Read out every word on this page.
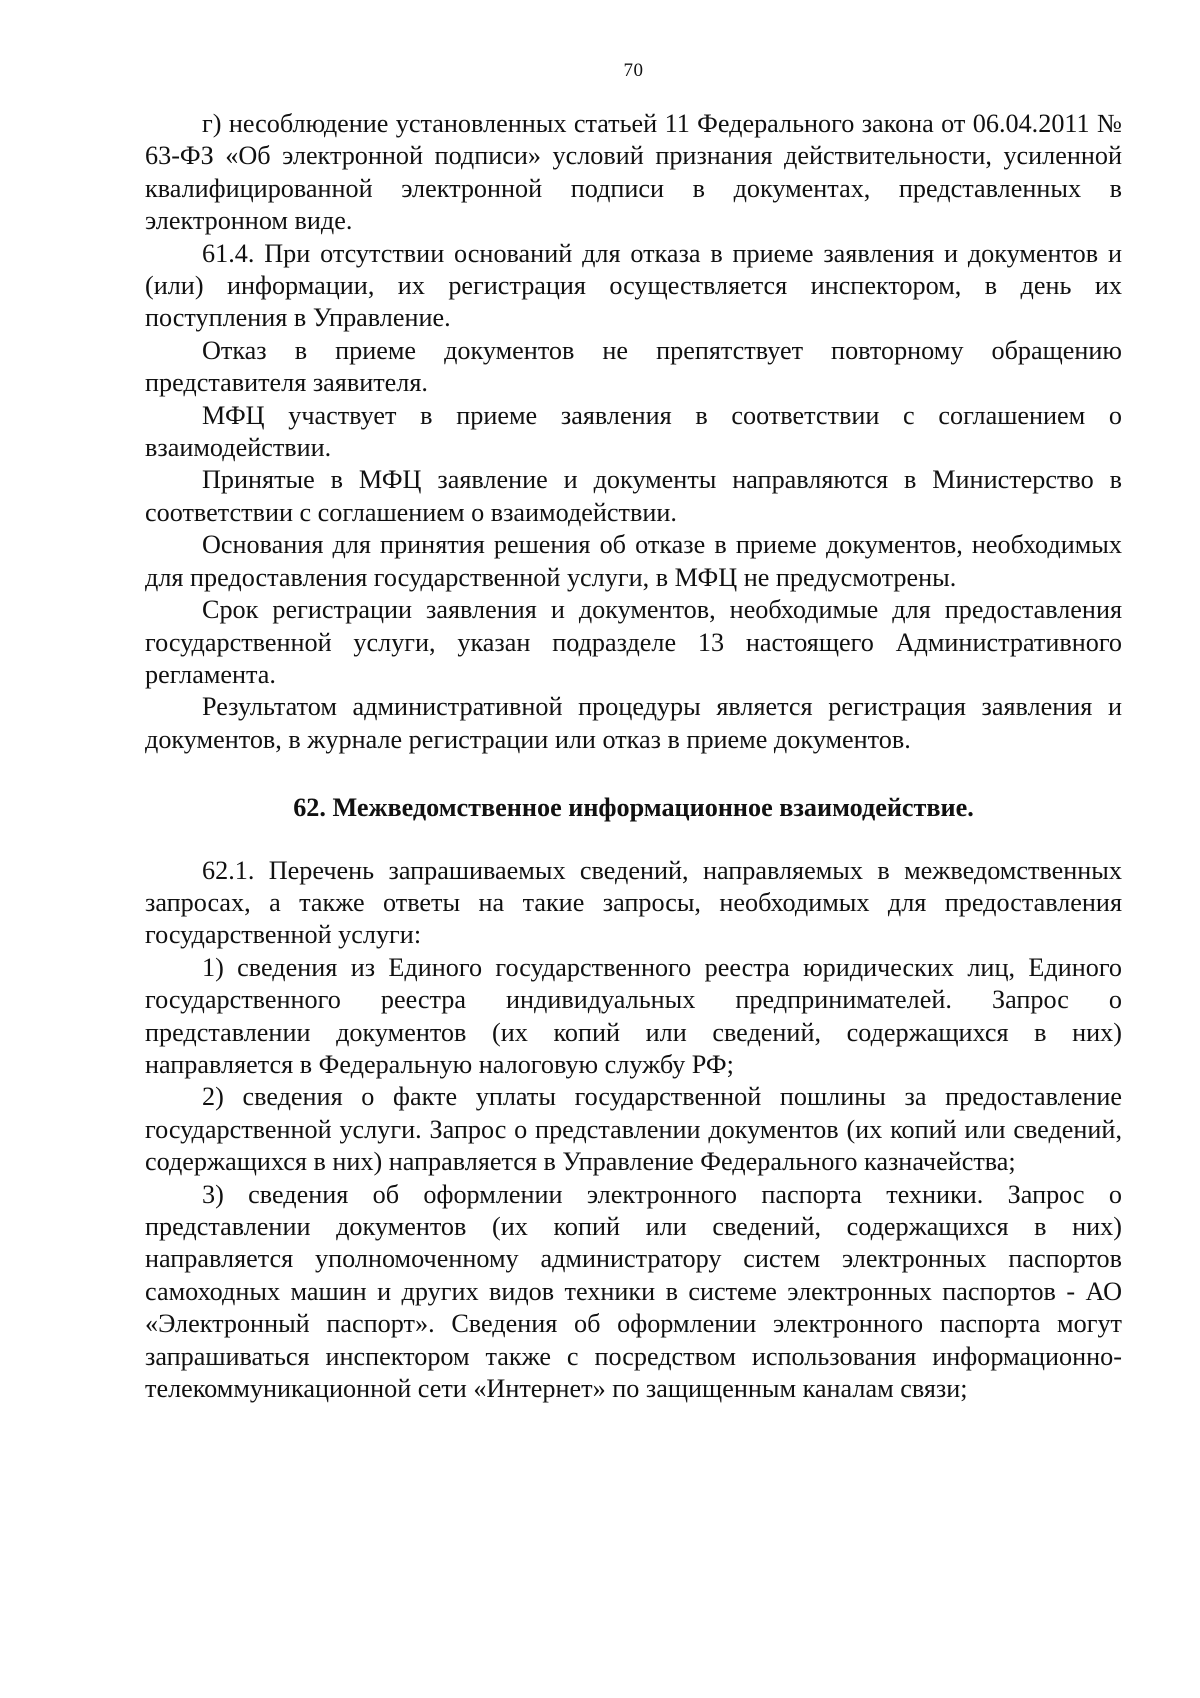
70

г) несоблюдение установленных статьей 11 Федерального закона от 06.04.2011 № 63-ФЗ «Об электронной подписи» условий признания действительности, усиленной квалифицированной электронной подписи в документах, представленных в электронном виде.

61.4. При отсутствии оснований для отказа в приеме заявления и документов и (или) информации, их регистрация осуществляется инспектором, в день их поступления в Управление.

Отказ в приеме документов не препятствует повторному обращению представителя заявителя.

МФЦ участвует в приеме заявления в соответствии с соглашением о взаимодействии.

Принятые в МФЦ заявление и документы направляются в Министерство в соответствии с соглашением о взаимодействии.

Основания для принятия решения об отказе в приеме документов, необходимых для предоставления государственной услуги, в МФЦ не предусмотрены.

Срок регистрации заявления и документов, необходимые для предоставления государственной услуги, указан подразделе 13 настоящего Административного регламента.

Результатом административной процедуры является регистрация заявления и документов, в журнале регистрации или отказ в приеме документов.

62. Межведомственное информационное взаимодействие.

62.1. Перечень запрашиваемых сведений, направляемых в межведомственных запросах, а также ответы на такие запросы, необходимых для предоставления государственной услуги:

1) сведения из Единого государственного реестра юридических лиц, Единого государственного реестра индивидуальных предпринимателей. Запрос о представлении документов (их копий или сведений, содержащихся в них) направляется в Федеральную налоговую службу РФ;

2) сведения о факте уплаты государственной пошлины за предоставление государственной услуги. Запрос о представлении документов (их копий или сведений, содержащихся в них) направляется в Управление Федерального казначейства;

3) сведения об оформлении электронного паспорта техники. Запрос о представлении документов (их копий или сведений, содержащихся в них) направляется уполномоченному администратору систем электронных паспортов самоходных машин и других видов техники в системе электронных паспортов - АО «Электронный паспорт». Сведения об оформлении электронного паспорта могут запрашиваться инспектором также с посредством использования информационно-телекоммуникационной сети «Интернет» по защищенным каналам связи;
